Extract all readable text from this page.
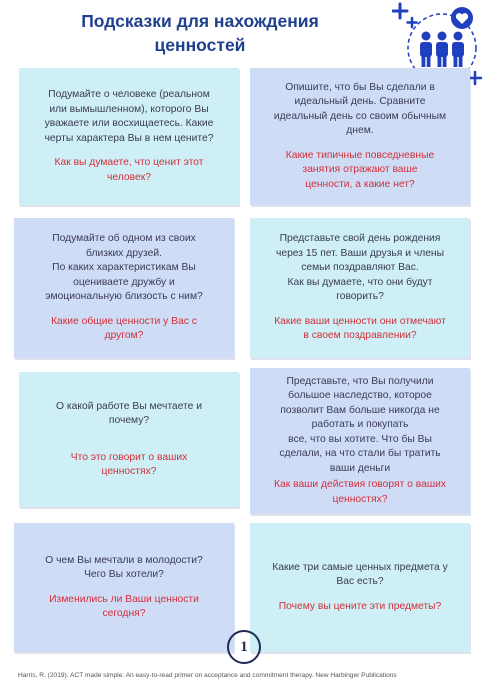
Подсказки для нахождения
ценностей
Подумайте о человеке (реальном
или вымышленном), которого Вы
уважаете или восхищаетесь. Какие
черты характера Вы в нем цените?
Как вы думаете, что ценит этот
человек?
Опишите, что бы Вы сделали в
идеальный день. Сравните
идеальный день со своим обычным
днем.
Какие типичные повседневные
занятия отражают ваше
ценности, а какие нет?
Подумайте об одном из своих
близких друзей.
По каких характеристикам Вы
оцениваете дружбу и
эмоциональную близость с ним?
Какие общие ценности у Вас с
другом?
Представьте свой день рождения
через 15 пет. Ваши друзья и члены
семьи поздравляют Вас.
Как вы думаете, что они будут
говорить?
Какие ваши ценности они отмечают
в своем поздравлении?
О какой работе Вы мечтаете и
почему?
Что это говорит о ваших
ценностях?
Представьте, что Вы получили
большое наследство, которое
позволит Вам больше никогда не
работать и покупать
все, что вы хотите. Что бы Вы
сделали, на что стали бы тратить
ваши деньги
Как ваши действия говорят о ваших
ценностях?
О чем Вы мечтали в молодости?
Чего Вы хотели?
Изменились ли Ваши ценности
сегодня?
Какие три самые ценных предмета у
Вас есть?
Почему вы цените эти предметы?
1
Harris, R. (2019). ACT made simple: An easy-to-read primer on acceptance and commitment therapy. New Harbinger Publications
